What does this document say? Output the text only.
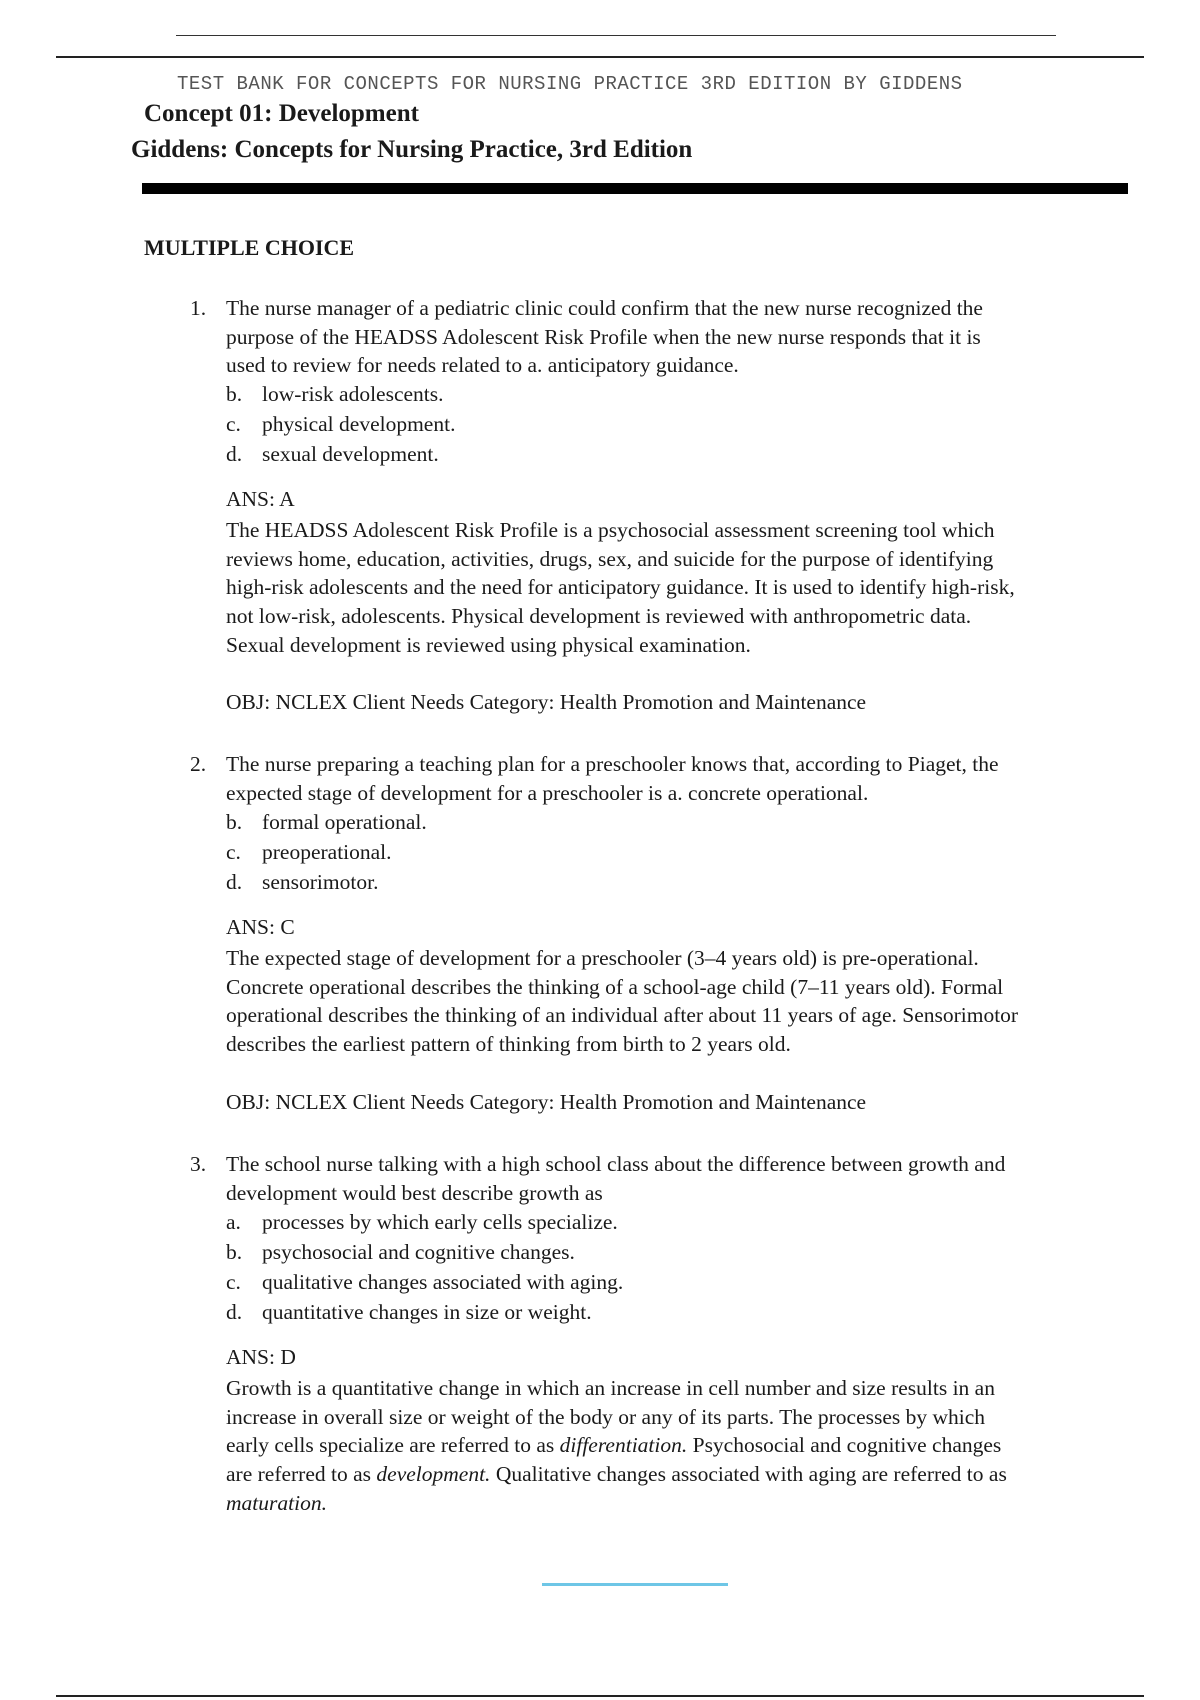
TEST BANK FOR CONCEPTS FOR NURSING PRACTICE 3RD EDITION BY GIDDENS
Concept 01: Development
Giddens: Concepts for Nursing Practice, 3rd Edition
MULTIPLE CHOICE
1. The nurse manager of a pediatric clinic could confirm that the new nurse recognized the
purpose of the HEADSS Adolescent Risk Profile when the new nurse responds that it is
used to review for needs related to a. anticipatory guidance.
b. low-risk adolescents.
c. physical development.
d. sexual development.
ANS: A
The HEADSS Adolescent Risk Profile is a psychosocial assessment screening tool which
reviews home, education, activities, drugs, sex, and suicide for the purpose of identifying
high-risk adolescents and the need for anticipatory guidance. It is used to identify high-risk,
not low-risk, adolescents. Physical development is reviewed with anthropometric data.
Sexual development is reviewed using physical examination.
OBJ: NCLEX Client Needs Category: Health Promotion and Maintenance
2. The nurse preparing a teaching plan for a preschooler knows that, according to Piaget, the
expected stage of development for a preschooler is a. concrete operational.
b. formal operational.
c. preoperational.
d. sensorimotor.
ANS: C
The expected stage of development for a preschooler (3–4 years old) is pre-operational.
Concrete operational describes the thinking of a school-age child (7–11 years old). Formal
operational describes the thinking of an individual after about 11 years of age. Sensorimotor
describes the earliest pattern of thinking from birth to 2 years old.
OBJ: NCLEX Client Needs Category: Health Promotion and Maintenance
3. The school nurse talking with a high school class about the difference between growth and
development would best describe growth as
a. processes by which early cells specialize.
b. psychosocial and cognitive changes.
c. qualitative changes associated with aging.
d. quantitative changes in size or weight.
ANS: D
Growth is a quantitative change in which an increase in cell number and size results in an
increase in overall size or weight of the body or any of its parts. The processes by which
early cells specialize are referred to as differentiation. Psychosocial and cognitive changes
are referred to as development. Qualitative changes associated with aging are referred to as
maturation.
